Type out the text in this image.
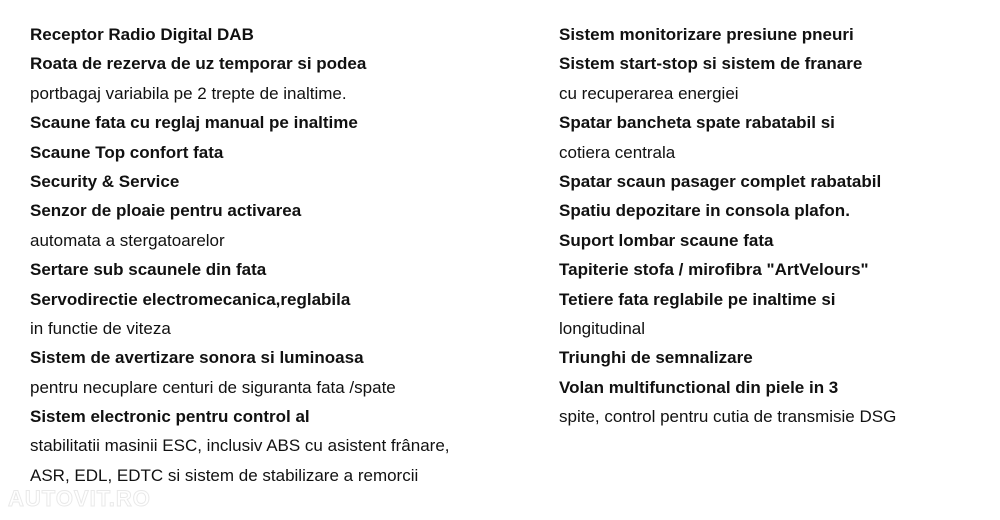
Receptor Radio Digital DAB
Roata de rezerva de uz temporar si podea
portbagaj variabila pe 2 trepte de inaltime.
Scaune fata cu reglaj manual pe inaltime
Scaune Top confort fata
Security & Service
Senzor de ploaie pentru activarea
automata a stergatoarelor
Sertare sub scaunele din fata
Servodirectie electromecanica,reglabila
in functie de viteza
Sistem de avertizare sonora si luminoasa
pentru necuplare centuri de siguranta fata /spate
Sistem electronic pentru control al
stabilitatii masinii ESC, inclusiv ABS cu asistent frânare,
ASR, EDL, EDTC si sistem de stabilizare a remorcii
Sistem monitorizare presiune pneuri
Sistem start-stop si sistem de franare
cu recuperarea energiei
Spatar bancheta spate rabatabil si
cotiera centrala
Spatar scaun pasager complet rabatabil
Spatiu depozitare in consola plafon.
Suport lombar scaune fata
Tapiterie stofa / mirofibra "ArtVelours"
Tetiere fata reglabile pe inaltime si
longitudinal
Triunghi de semnalizare
Volan multifunctional din piele in 3
spite, control pentru cutia de transmisie DSG
AUTOVIT.RO
